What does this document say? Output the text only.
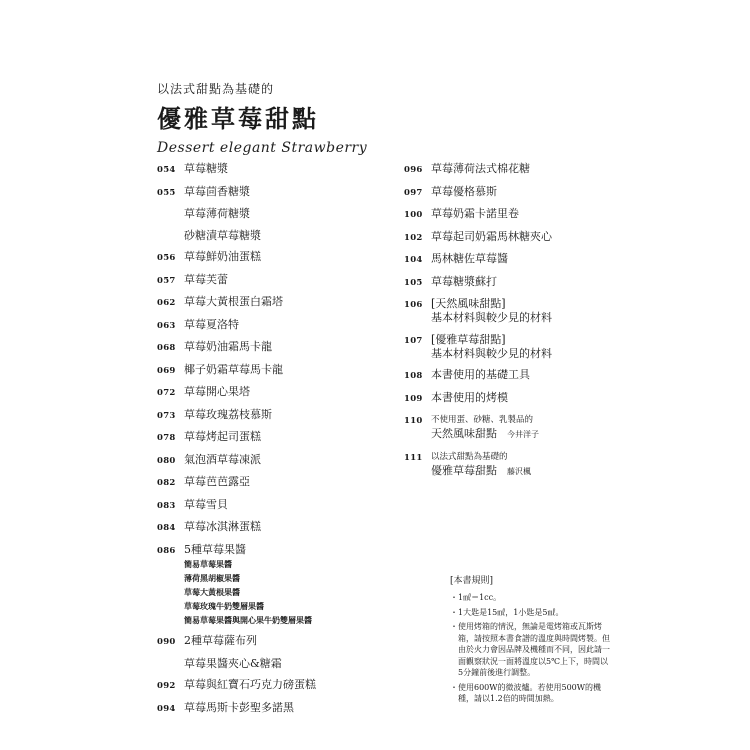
以法式甜點為基礎的
優雅草莓甜點
Dessert elegant Strawberry
054 草莓糖漿
055 草莓茴香糖漿
草莓薄荷糖漿
砂糖漬草莓糖漿
056 草莓鮮奶油蛋糕
057 草莓芙蕾
062 草莓大黃根蛋白霜塔
063 草莓夏洛特
068 草莓奶油霜馬卡龍
069 椰子奶霜草莓馬卡龍
072 草莓開心果塔
073 草莓玫瑰荔枝慕斯
078 草莓烤起司蛋糕
080 氣泡酒草莓凍派
082 草莓芭芭露亞
083 草莓雪貝
084 草莓冰淇淋蛋糕
086 5種草莓果醬
簡易草莓果醬
薄荷黑胡椒果醬
草莓大黃根果醬
草莓玫瑰牛奶雙層果醬
簡易草莓果醬與開心果牛奶雙層果醬
090 2種草莓薩布列
草莓果醬夾心&糖霜
092 草莓與紅寶石巧克力磅蛋糕
094 草莓馬斯卡彭聖多諾黑
096 草莓薄荷法式棉花糖
097 草莓優格慕斯
100 草莓奶霜卡諾里卷
102 草莓起司奶霜馬林糖夾心
104 馬林糖佐草莓醬
105 草莓糖漿蘇打
106 [天然風味甜點]
基本材料與較少見的材料
107 [優雅草莓甜點]
基本材料與較少見的材料
108 本書使用的基礎工具
109 本書使用的烤模
110 不使用蛋、砂糖、乳製品的
天然風味甜點 今井洋子
111 以法式甜點為基礎的
優雅草莓甜點 藤沢楓
[本書規則]
・ 1㎖＝1cc。
・ 1大匙是15㎖，1小匙是5㎖。
・ 使用烤箱的情況，無論是電烤箱或瓦斯烤箱，請按照本書食譜的溫度與時間烤製。但由於火力會因品牌及機種而不同，因此請一面觀察狀況一面將溫度以5℃上下，時間以5分鐘前後進行調整。
・ 使用600W的微波爐。若使用500W的機種，請以1.2倍的時間加熱。
